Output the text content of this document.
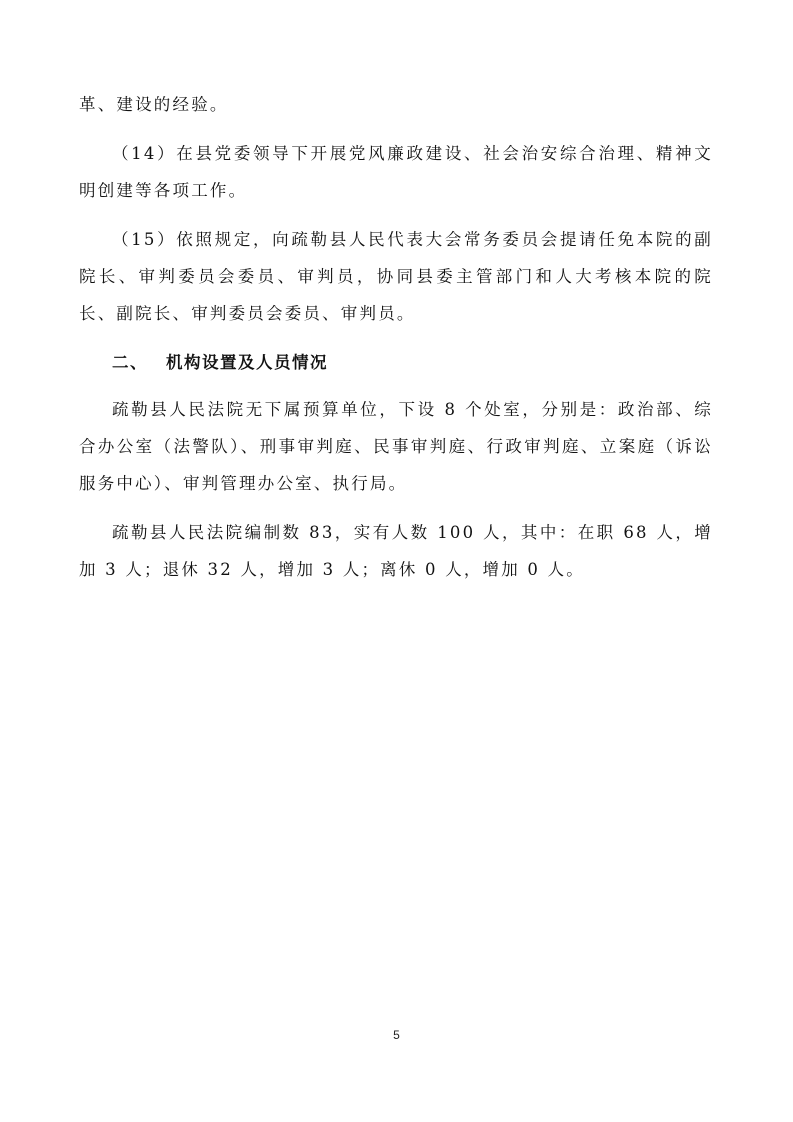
革、建设的经验。

（14）在县党委领导下开展党风廉政建设、社会治安综合治理、精神文明创建等各项工作。

（15）依照规定，向疏勒县人民代表大会常务委员会提请任免本院的副院长、审判委员会委员、审判员，协同县委主管部门和人大考核本院的院长、副院长、审判委员会委员、审判员。

二、 机构设置及人员情况

疏勒县人民法院无下属预算单位，下设 8 个处室，分别是：政治部、综合办公室（法警队）、刑事审判庭、民事审判庭、行政审判庭、立案庭（诉讼服务中心）、审判管理办公室、执行局。

疏勒县人民法院编制数 83，实有人数 100 人，其中：在职 68 人，增加 3 人；退休 32 人，增加 3 人；离休 0 人，增加 0 人。

5
